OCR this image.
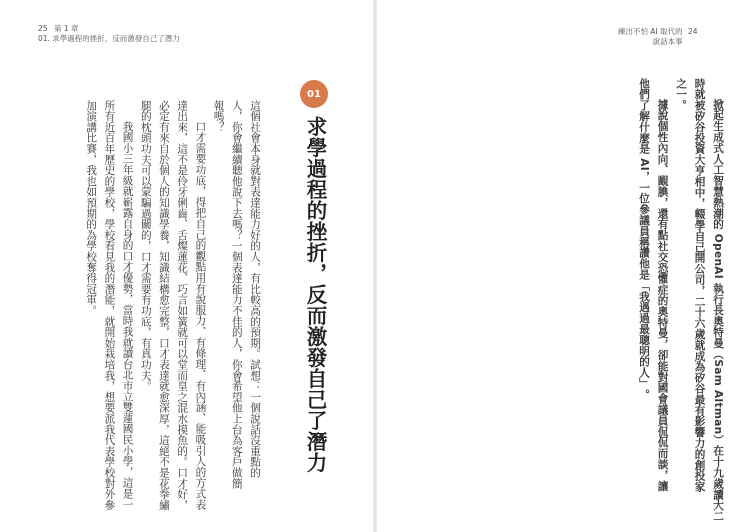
25 第 1 章
01. 求學過程的挫折，反而激發自己了潛力
練出不怕 AI 取代的
說話本事 24

這個社會本身就對表達能力好的人，有比較高的預期。試想：一個說話沒重點的

人，你會繼續聽他說下去嗎？一個表達能力不佳的人，你會希望他上台為客戶做簡

報嗎？

口才需要功底，得把自己的觀點用有說服力、有條理、有內涵、能吸引人的方式表

達出來，這不是伶牙俐齒、舌燦蓮花、巧言如簧就可以堂而皇之混水摸魚的。口才好，

必定有來自於個人的知識學養，知識結構愈完整，口才表達就愈深厚，這絕不是花拳繡

腿的枕頭功夫可以蒙騙過關的，口才需要有功底，有真功夫。

我國小三年級就嶄露自身的口才優勢，當時我就讀台北市立雙蓮國民小學，這是一

所有近百年歷史的學校，學校看見我的潛能，就開始栽培我，想要派我代表學校對外參

加演講比賽，我也如預期的為學校奪得冠軍。

01
求學過程的挫折，反而激發自己了潛力	掀起生成式人工智慧熱潮的 OpenAI 執行長奧特曼（Sam Altman）在十九歲讀大二

時就被矽谷投資大亨相中，輟學自己開公司，二十六歲就成為矽谷最有影響力的創投家

之一。

據說個性內向、靦腆，還有點社交恐懼症的奧特曼，卻能對國會議員侃侃而談，讓

他們了解什麼是 AI，一位參議員稱讚他是「我遇過最聰明的人」。
